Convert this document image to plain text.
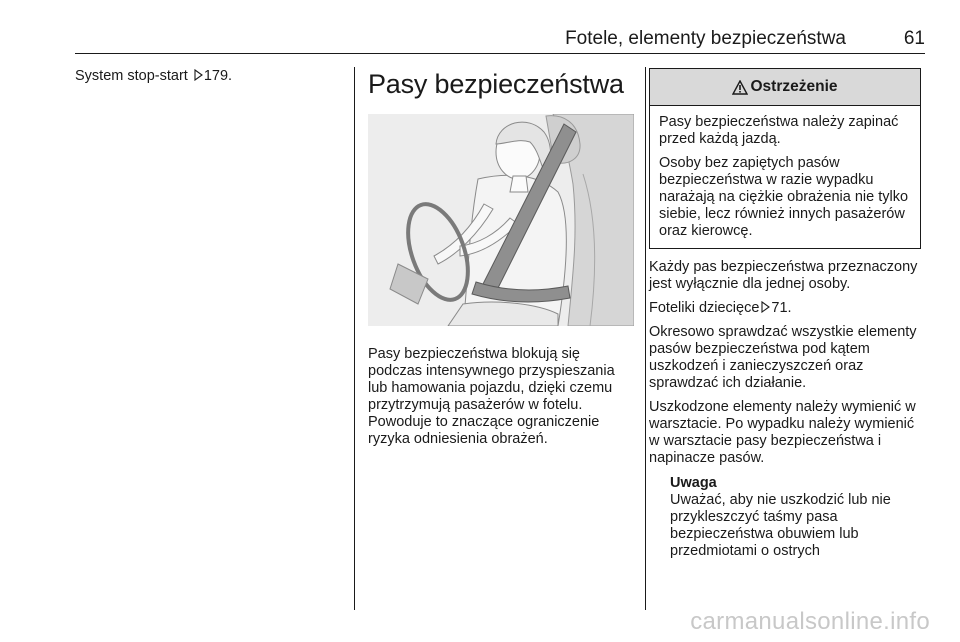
Fotele, elementy bezpieczeństwa	61
System stop-start 179.	Pasy bezpieczeństwa

Pasy bezpieczeństwa blokują się podczas intensywnego przyspieszania lub hamowania pojazdu, dzięki czemu przytrzymują pasażerów w fotelu. Powoduje to znaczące ograniczenie ryzyka odniesienia obrażeń.

Ostrzeżenie

Pasy bezpieczeństwa należy zapinać przed każdą jazdą.

Osoby bez zapiętych pasów bezpieczeństwa w razie wypadku narażają na ciężkie obrażenia nie tylko siebie, lecz również innych pasażerów oraz kierowcę.

Każdy pas bezpieczeństwa przeznaczony jest wyłącznie dla jednej osoby.

Foteliki dziecięce 71.

Okresowo sprawdzać wszystkie elementy pasów bezpieczeństwa pod kątem uszkodzeń i zanieczyszczeń oraz sprawdzać ich działanie.

Uszkodzone elementy należy wymienić w warsztacie. Po wypadku należy wymienić w warsztacie pasy bezpieczeństwa i napinacze pasów.

Uwaga

Uważać, aby nie uszkodzić lub nie przykleszczyć taśmy pasa bezpieczeństwa obuwiem lub przedmiotami o ostrych

carmanualsonline.info
